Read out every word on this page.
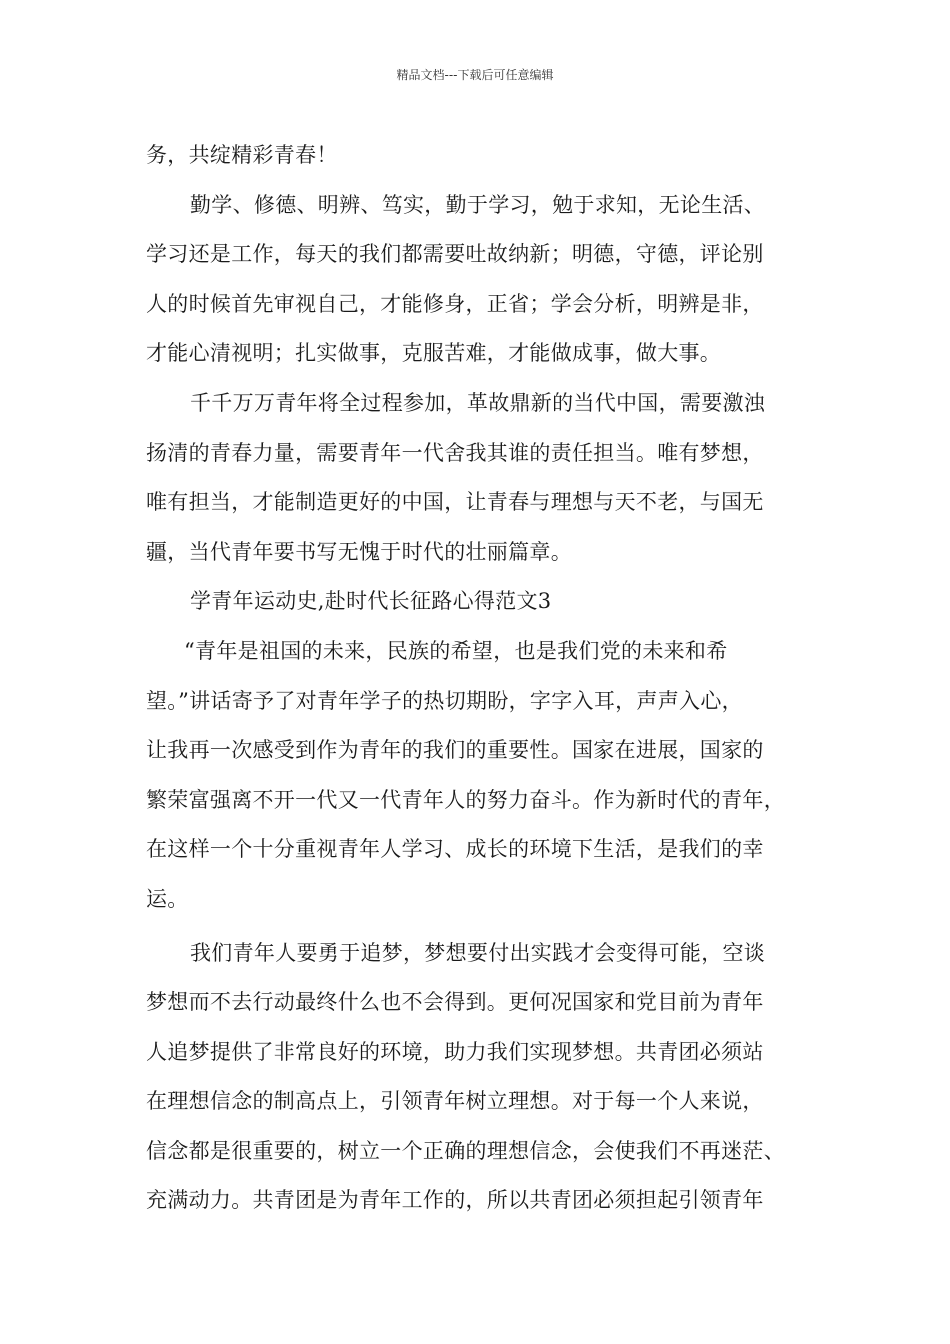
精品文档---下载后可任意编辑
务，共绽精彩青春！
勤学、修德、明辨、笃实，勤于学习，勉于求知，无论生活、
学习还是工作，每天的我们都需要吐故纳新；明德，守德，评论别
人的时候首先审视自己，才能修身，正省；学会分析，明辨是非，
才能心清视明；扎实做事，克服苦难，才能做成事，做大事。
千千万万青年将全过程参加，革故鼎新的当代中国，需要激浊
扬清的青春力量，需要青年一代舍我其谁的责任担当。唯有梦想，
唯有担当，才能制造更好的中国，让青春与理想与天不老，与国无
疆，当代青年要书写无愧于时代的壮丽篇章。
学青年运动史,赴时代长征路心得范文3
“青年是祖国的未来，民族的希望，也是我们党的未来和希
望。”讲话寄予了对青年学子的热切期盼，字字入耳，声声入心，
让我再一次感受到作为青年的我们的重要性。国家在进展，国家的
繁荣富强离不开一代又一代青年人的努力奋斗。作为新时代的青年，
在这样一个十分重视青年人学习、成长的环境下生活，是我们的幸
运。
我们青年人要勇于追梦，梦想要付出实践才会变得可能，空谈
梦想而不去行动最终什么也不会得到。更何况国家和党目前为青年
人追梦提供了非常良好的环境，助力我们实现梦想。共青团必须站
在理想信念的制高点上，引领青年树立理想。对于每一个人来说，
信念都是很重要的，树立一个正确的理想信念，会使我们不再迷茫、
充满动力。共青团是为青年工作的，所以共青团必须担起引领青年
